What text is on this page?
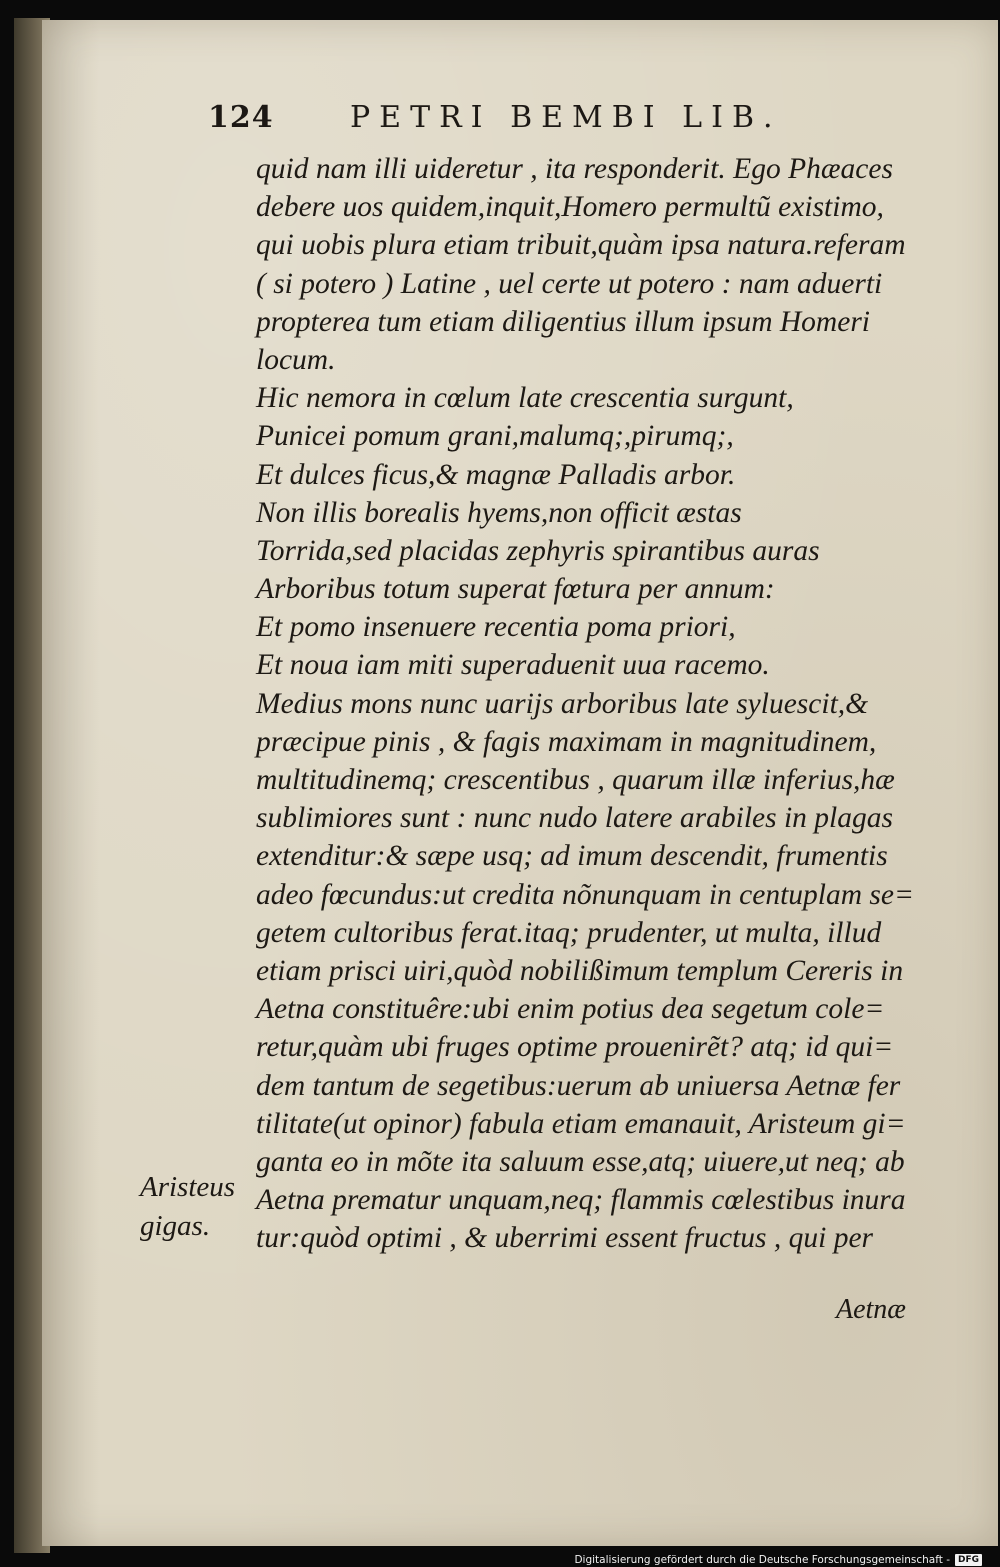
124	PETRI BEMBI LIB.
quid nam illi uideretur , ita responderit. Ego Phæaces
debere uos quidem,inquit,Homero permultũ existimo,
qui uobis plura etiam tribuit,quàm ipsa natura.referam
( si potero ) Latine , uel certe ut potero : nam aduerti
propterea tum etiam diligentius illum ipsum Homeri
locum.
Hic nemora in cœlum late crescentia surgunt,
Punicei pomum grani,malumq;,pirumq;,
Et dulces ficus,& magnæ Palladis arbor.
Non illis borealis hyems,non officit æstas
Torrida,sed placidas zephyris spirantibus auras
Arboribus totum superat fœtura per annum:
Et pomo insenuere recentia poma priori,
Et noua iam miti superaduenit uua racemo.
Medius mons nunc uarijs arboribus late syluescit,&
præcipue pinis , & fagis maximam in magnitudinem,
multitudinemq; crescentibus , quarum illæ inferius,hæ
sublimiores sunt : nunc nudo latere arabiles in plagas
extenditur:& sæpe usq; ad imum descendit, frumentis
adeo fœcundus:ut credita nõnunquam in centuplam se=
getem cultoribus ferat.itaq; prudenter, ut multa, illud
etiam prisci uiri,quòd nobilißimum templum Cereris in
Aetna constituêre:ubi enim potius dea segetum cole=
retur,quàm ubi fruges optime prouenirẽt? atq; id qui=
dem tantum de segetibus:uerum ab uniuersa Aetnæ fer
tilitate(ut opinor) fabula etiam emanauit, Aristeum gi=
ganta eo in mõte ita saluum esse,atq; uiuere,ut neq; ab
Aetna prematur unquam,neq; flammis cœlestibus inura
tur:quòd optimi , & uberrimi essent fructus , qui per
Aetnæ
Aristeus
gigas.
Digitalisierung gefördert durch die Deutsche Forschungsgemeinschaft - DFG
